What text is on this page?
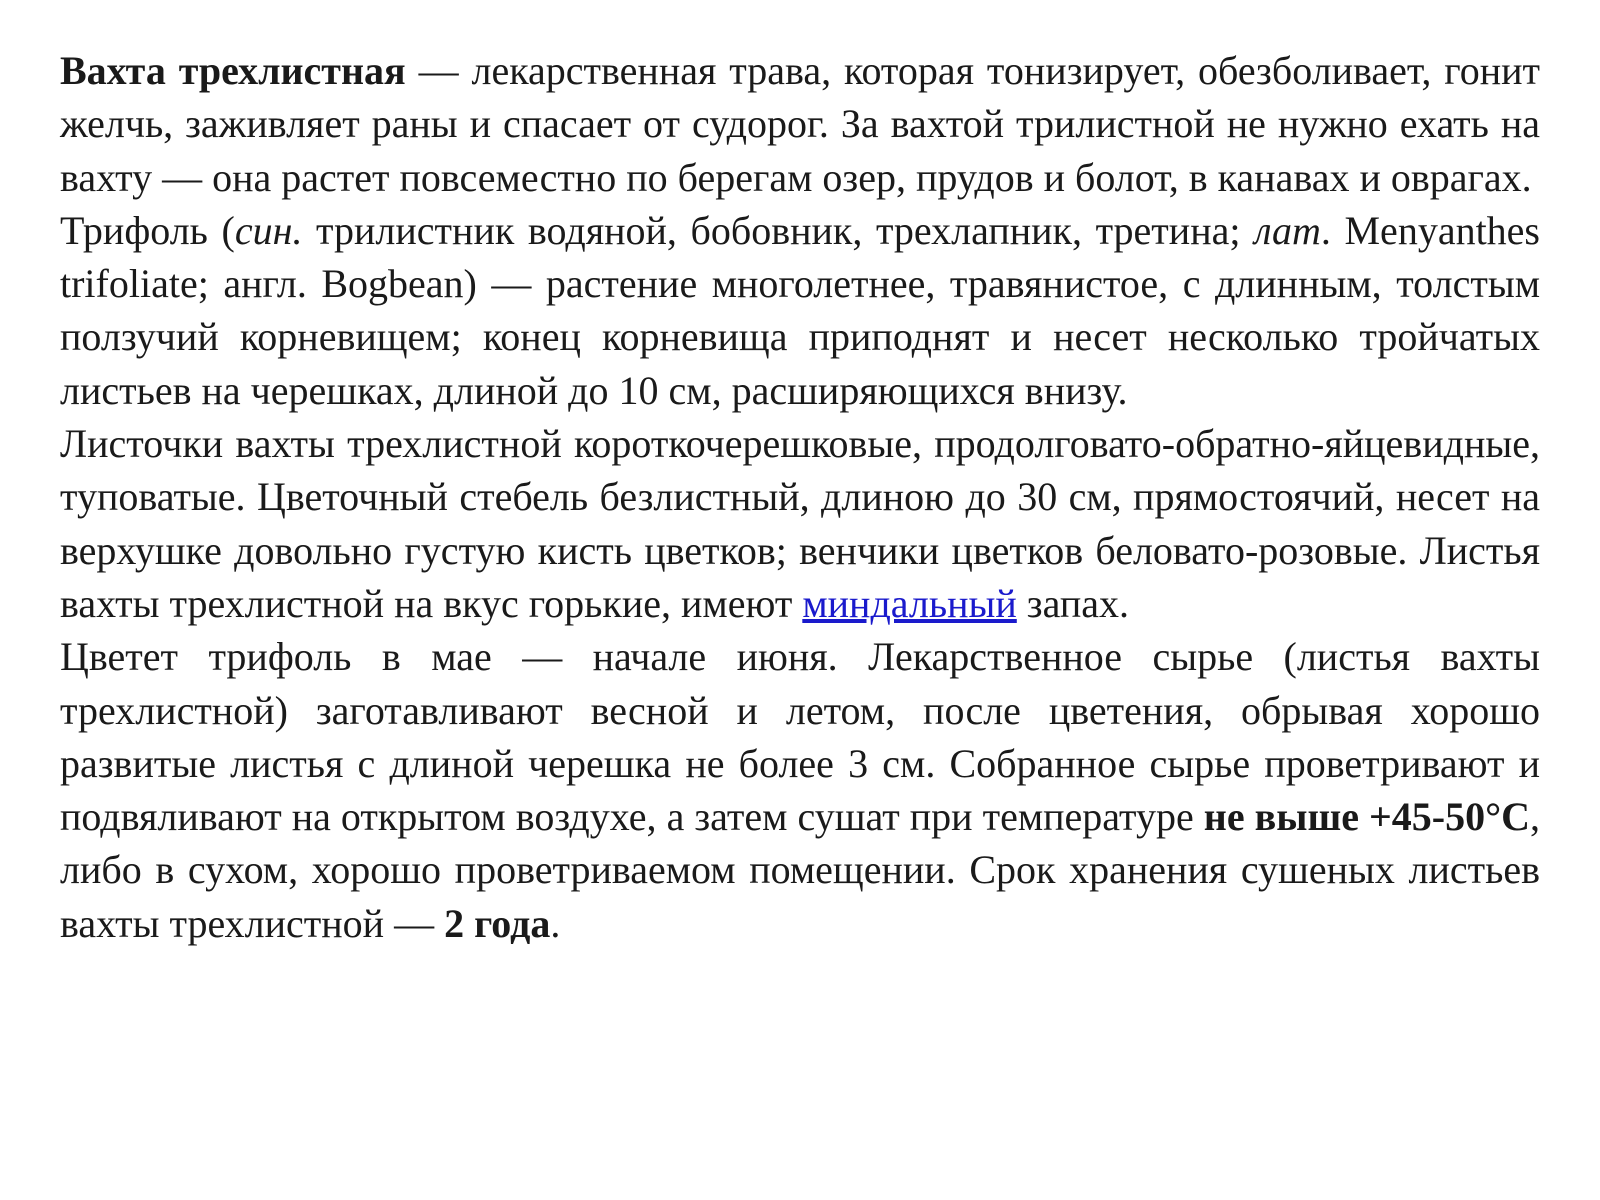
Вахта трехлистная — лекарственная трава, которая тонизирует, обезболивает, гонит желчь, заживляет раны и спасает от судорог. За вахтой трилистной не нужно ехать на вахту — она растет повсеместно по берегам озер, прудов и болот, в канавах и оврагах.

Трифоль (син. трилистник водяной, бобовник, трехлапник, третина; лат. Menyanthes trifoliate; англ. Bogbean) — растение многолетнее, травянистое, с длинным, толстым ползучий корневищем; конец корневища приподнят и несет несколько тройчатых листьев на черешках, длиной до 10 см, расширяющихся внизу.

Листочки вахты трехлистной короткочерешковые, продолговато-обратно-яйцевидные, туповатые. Цветочный стебель безлистный, длиною до 30 см, прямостоячий, несет на верхушке довольно густую кисть цветков; венчики цветков беловато-розовые. Листья вахты трехлистной на вкус горькие, имеют миндальный запах.

Цветет трифоль в мае — начале июня. Лекарственное сырье (листья вахты трехлистной) заготавливают весной и летом, после цветения, обрывая хорошо развитые листья с длиной черешка не более 3 см. Собранное сырье проветривают и подвяливают на открытом воздухе, а затем сушат при температуре не выше +45-50°С, либо в сухом, хорошо проветриваемом помещении. Срок хранения сушеных листьев вахты трехлистной — 2 года.
